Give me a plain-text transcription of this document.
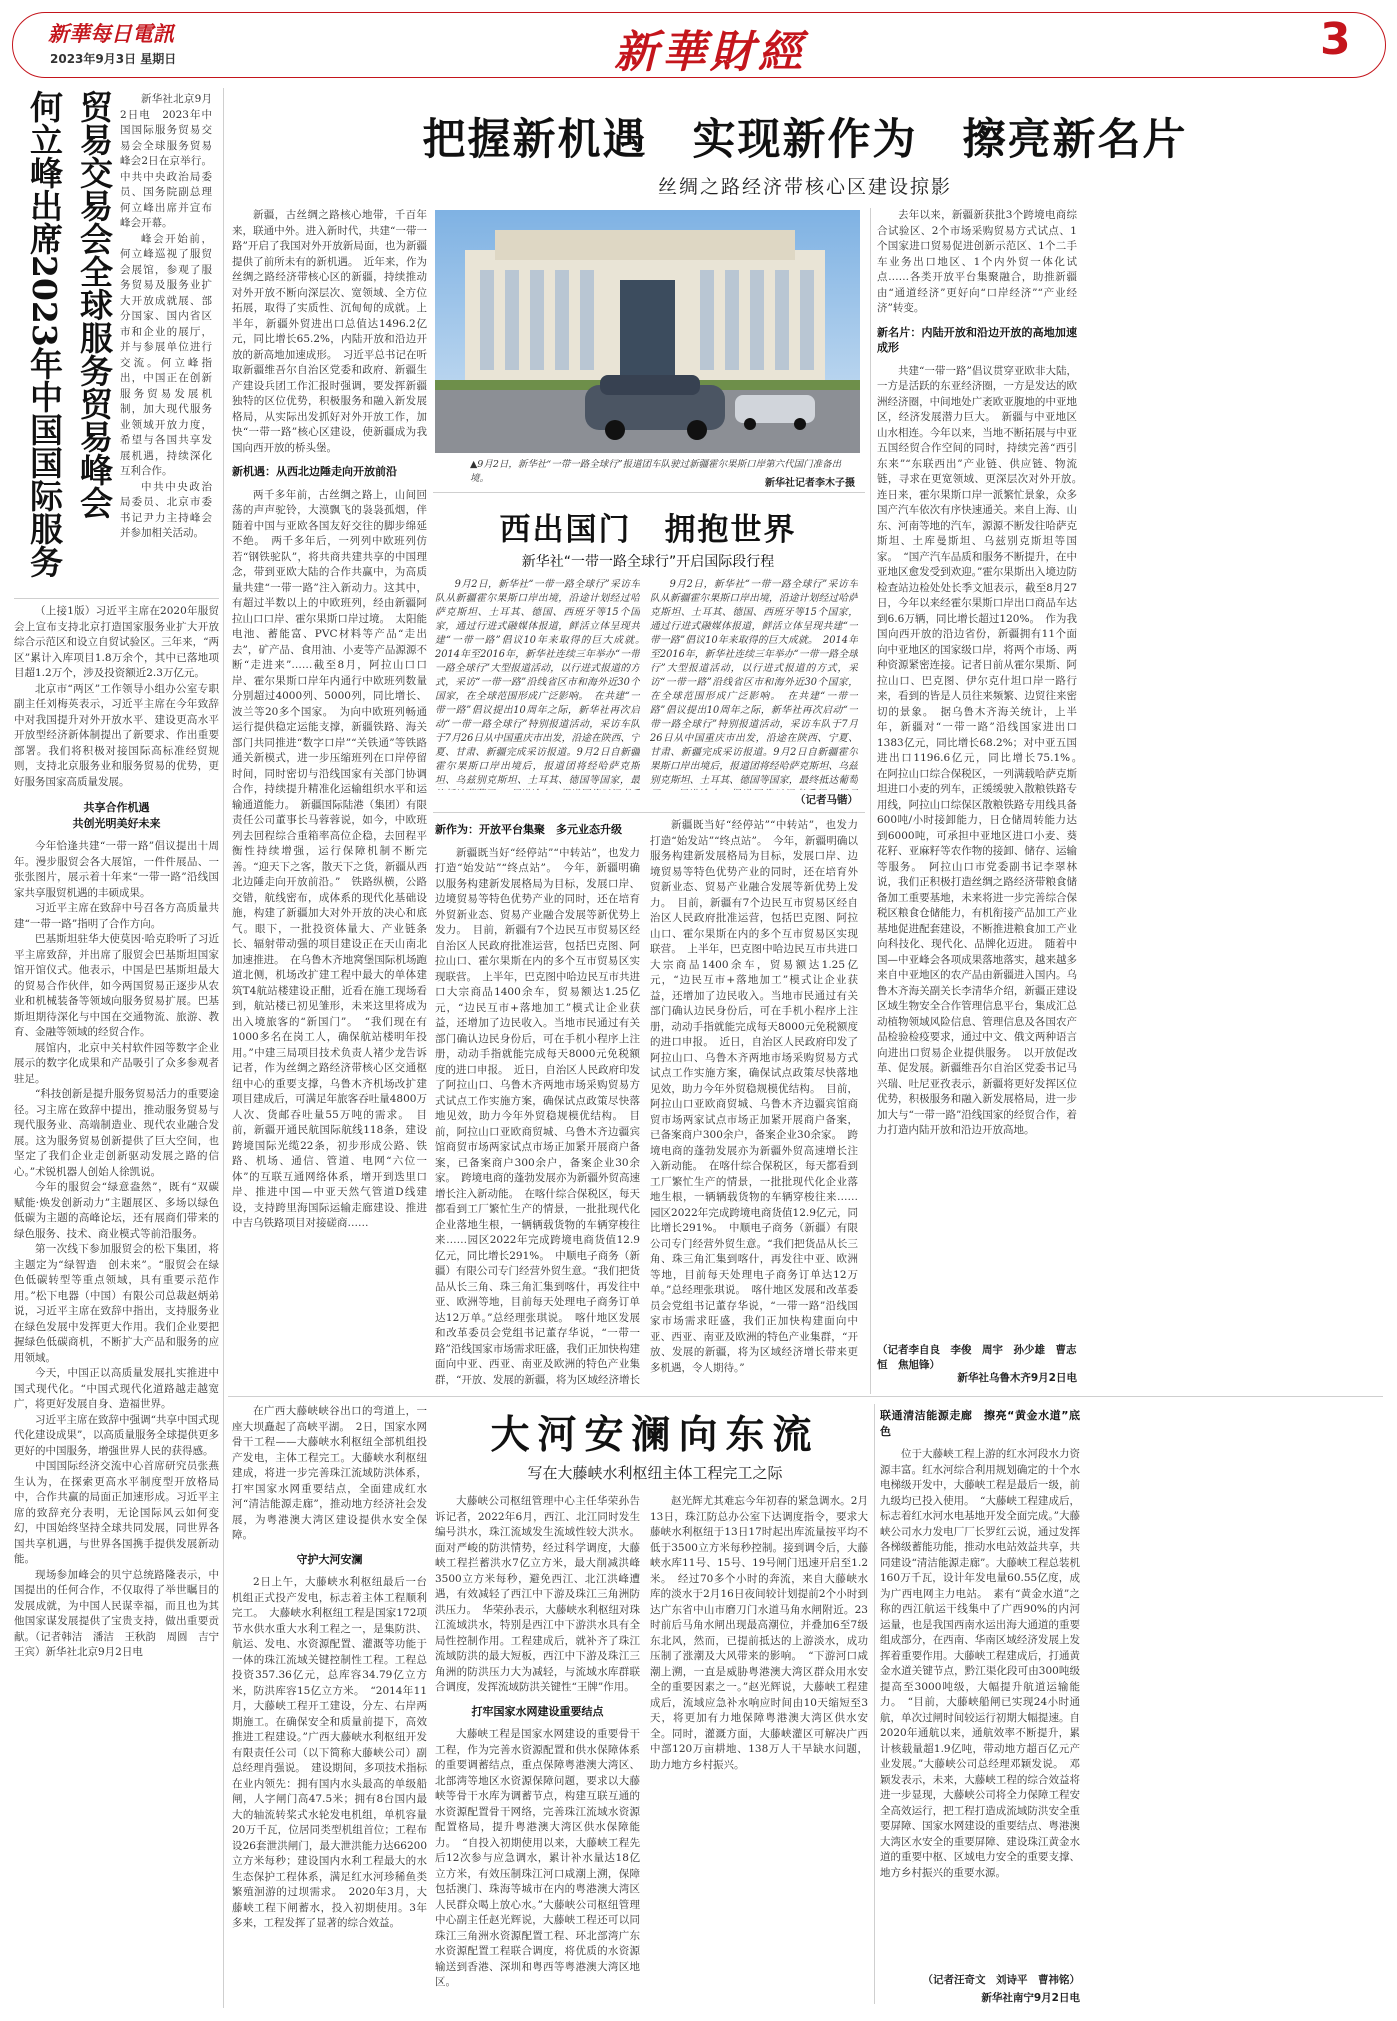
新華每日電訊
2023年9月3日 星期日	新華財經	3
何立峰出席2023年中国国际服务 贸易交易会全球服务贸易峰会	新华社北京9月2日电　2023年中国国际服务贸易交易会全球服务贸易峰会2日在京举行。中共中央政治局委员、国务院副总理何立峰出席并宣布峰会开幕。

峰会开始前，何立峰巡视了服贸会展馆，参观了服务贸易及服务业扩大开放成就展、部分国家、国内省区市和企业的展厅，并与参展单位进行交流。何立峰指出，中国正在创新服务贸易发展机制，加大现代服务业领域开放力度，希望与各国共享发展机遇，持续深化互利合作。

中共中央政治局委员、北京市委书记尹力主持峰会并参加相关活动。

（上接1版）习近平主席在2020年服贸会上宣布支持北京打造国家服务业扩大开放综合示范区和设立自贸试验区。三年来，“两区”累计入库项目1.8万余个，其中已落地项目超1.2万个，涉及投资额近2.3万亿元。

北京市“两区”工作领导小组办公室专职副主任刘梅英表示，习近平主席在今年致辞中对我国提升对外开放水平、建设更高水平开放型经济新体制提出了新要求、作出重要部署。我们将积极对接国际高标准经贸规则，支持北京服务业和服务贸易的优势，更好服务国家高质量发展。

共享合作机遇
共创光明美好未来

今年恰逢共建“一带一路”倡议提出十周年。漫步服贸会各大展馆，一件件展品、一张张图片，展示着十年来“一带一路”沿线国家共享服贸机遇的丰硕成果。

习近平主席在致辞中号召各方高质量共建“一带一路”指明了合作方向。

巴基斯坦驻华大使莫因·哈克聆听了习近平主席致辞，并出席了服贸会巴基斯坦国家馆开馆仪式。他表示，中国是巴基斯坦最大的贸易合作伙伴，如今两国贸易正逐步从农业和机械装备等领域向服务贸易扩展。巴基斯坦期待深化与中国在交通物流、旅游、教育、金融等领域的经贸合作。

展馆内，北京中关村软件园等数字企业展示的数字化成果和产品吸引了众多参观者驻足。

“科技创新是提升服务贸易活力的重要途径。习主席在致辞中提出，推动服务贸易与现代服务业、高端制造业、现代农业融合发展。这为服务贸易创新提供了巨大空间，也坚定了我们企业走创新驱动发展之路的信心。”术锐机器人创始人徐凯说。

今年的服贸会“绿意盎然”，既有“双碳赋能·焕发创新动力”主题展区、多场以绿色低碳为主题的高峰论坛，还有展商们带来的绿色服务、技术、商业模式等前沿服务。

第一次线下参加服贸会的松下集团，将主题定为“绿智造　创未来”。“服贸会在绿色低碳转型等重点领域，具有重要示范作用。”松下电器（中国）有限公司总裁赵炳弟说，习近平主席在致辞中指出，支持服务业在绿色发展中发挥更大作用。我们企业要把握绿色低碳商机，不断扩大产品和服务的应用领域。

今天，中国正以高质量发展扎实推进中国式现代化。“中国式现代化道路越走越宽广，将更好发展自身、造福世界。

习近平主席在致辞中强调“共享中国式现代化建设成果”，以高质量服务全球提供更多更好的中国服务，增强世界人民的获得感。

中国国际经济交流中心首席研究员张燕生认为，在探索更高水平制度型开放格局中，合作共赢的局面正加速形成。习近平主席的致辞充分表明，无论国际风云如何变幻，中国始终坚持全球共同发展，同世界各国共享机遇，与世界各国携手提供发展新动能。

现场参加峰会的贝宁总统路隆表示，中国提出的任何合作，不仅取得了举世瞩目的发展成就，为中国人民谋幸福，而且也为其他国家谋发展提供了宝贵支持，做出重要贡献。（记者韩洁　潘洁　王秋韵　周圆　吉宁　王宾）新华社北京9月2日电

把握新机遇　实现新作为　擦亮新名片
丝绸之路经济带核心区建设掠影

新疆，古丝绸之路核心地带，千百年来，联通中外。进入新时代，共建“一带一路”开启了我国对外开放新局面，也为新疆提供了前所未有的新机遇。　近年来，作为丝绸之路经济带核心区的新疆，持续推动对外开放不断向深层次、宽领域、全方位拓展，取得了实质性、沉甸甸的成就。上半年，新疆外贸进出口总值达1496.2亿元，同比增长65.2%，内陆开放和沿边开放的新高地加速成形。　习近平总书记在听取新疆维吾尔自治区党委和政府、新疆生产建设兵团工作汇报时强调，要发挥新疆独特的区位优势，积极服务和融入新发展格局，从实际出发抓好对外开放工作，加快“一带一路”核心区建设，使新疆成为我国向西开放的桥头堡。

新机遇：从西北边陲走向开放前沿

两千多年前，古丝绸之路上，山间回荡的声声驼铃，大漠飘飞的袅袅孤烟，伴随着中国与亚欧各国友好交往的脚步绵延不绝。　两千多年后，一列列中欧班列仿若“钢铁驼队”，将共商共建共享的中国理念，带到亚欧大陆的合作共赢中，为高质量共建“一带一路”注入新动力。这其中，有超过半数以上的中欧班列，经由新疆阿拉山口口岸、霍尔果斯口岸过境。　太阳能电池、蓄能富、PVC材料等产品“走出去”，矿产品、食用油、小麦等产品源源不断“走进来”……截至8月，阿拉山口口岸、霍尔果斯口岸年内通行中欧班列数量分别超过4000列、5000列，同比增长、波兰等20多个国家。　为向中欧班列畅通运行提供稳定运能支撑，新疆铁路、海关部门共同推进“数字口岸”“关铁通”等铁路通关新模式，进一步压缩班列在口岸停留时间，同时密切与沿线国家有关部门协调合作，持续提升精准化运输组织水平和运输通道能力。　新疆国际陆港（集团）有限责任公司董事长马蓉蓉说，如今，中欧班列去回程综合重箱率高位企稳，去回程平衡性持续增强，运行保障机制不断完善。“迎天下之客，散天下之货，新疆从西北边陲走向开放前沿。”　铁路纵横，公路交错，航线密布，成体系的现代化基础设施，构建了新疆加大对外开放的决心和底气。眼下，一批投资体量大、产业链条长、辐射带动强的项目建设正在天山南北加速推进。　在乌鲁木齐地窝堡国际机场跑道北侧，机场改扩建工程中最大的单体建筑T4航站楼建设正酣，近看在施工现场看到，航站楼已初见雏形，未来这里将成为出入境旅客的“新国门”。　“我们现在有1000多名在岗工人，确保航站楼明年投用。”中建三局项目技术负责人褚少龙告诉记者，作为丝绸之路经济带核心区交通枢纽中心的重要支撑，乌鲁木齐机场改扩建项目建成后，可满足年旅客吞吐量4800万人次、货邮吞吐量55万吨的需求。　目前，新疆开通民航国际航线118条，建设跨境国际光缆22条，初步形成公路、铁路、机场、通信、管道、电网“六位一体”的互联互通网络体系，增开到迭里口岸、推进中国—中亚天然气管道D线建设，支持跨里海国际运输走廊建设、推进中吉乌铁路项目对接磋商……

▲9月2日，新华社“一带一路全球行”报道团车队驶过新疆霍尔果斯口岸第六代国门准备出境。	新华社记者李木子摄

去年以来，新疆新获批3个跨境电商综合试验区、2个市场采购贸易方式试点、1个国家进口贸易促进创新示范区、1个二手车业务出口地区、1个内外贸一体化试点……各类开放平台集聚融合，助推新疆由“通道经济”更好向“口岸经济”“产业经济”转变。

新名片：内陆开放和沿边开放的高地加速成形

共建“一带一路”倡议贯穿亚欧非大陆，一方是活跃的东亚经济圈，一方是发达的欧洲经济圈，中间地处广袤欧亚腹地的中亚地区，经济发展潜力巨大。　新疆与中亚地区山水相连。今年以来，当地不断拓展与中亚五国经贸合作空间的同时，持续完善“西引东来”“东联西出”产业链、供应链、物流链，寻求在更宽领域、更深层次对外开放。　连日来，霍尔果斯口岸一派繁忙景象，众多国产汽车依次有序快速通关。来自上海、山东、河南等地的汽车，源源不断发往哈萨克斯坦、土库曼斯坦、乌兹别克斯坦等国家。　“国产汽车品质和服务不断提升，在中亚地区愈发受到欢迎。”霍尔果斯出入境边防检查站边检处处长季文旭表示，截至8月27日，今年以来经霍尔果斯口岸出口商品车达到6.6万辆，同比增长超过120%。　作为我国向西开放的沿边省份，新疆拥有11个面向中亚地区的国家级口岸，将两个市场、两种资源紧密连接。记者日前从霍尔果斯、阿拉山口、巴克图、伊尔克什坦口岸一路行来，看到的皆是人员往来频繁、边贸往来密切的景象。　据乌鲁木齐海关统计，上半年，新疆对“一带一路”沿线国家进出口1383亿元，同比增长68.2%；对中亚五国进出口1196.6亿元，同比增长75.1%。　在阿拉山口综合保税区，一列满载哈萨克斯坦进口小麦的列车，正缓缓驶入散粮铁路专用线，阿拉山口综保区散粮铁路专用线具备600吨/小时接卸能力，日仓储周转能力达到6000吨，可承担中亚地区进口小麦、葵花籽、亚麻籽等农作物的接卸、储存、运输等服务。　阿拉山口市党委副书记李翠林说，我们正积极打造丝绸之路经济带粮食储备加工重要基地，未来将进一步完善综合保税区粮食仓储能力，有机衔接产品加工产业基地促进配套建设，不断推进粮食加工产业向科技化、现代化、品牌化迈进。　随着中国—中亚峰会各项成果落地落实，越来越多来自中亚地区的农产品由新疆进入国内。乌鲁木齐海关副关长李清华介绍，新疆正建设区域生物安全合作管理信息平台，集成汇总动植物领域风险信息、管理信息及各国农产品检验检疫要求，通过中文、俄文两种语言向进出口贸易企业提供服务。　以开放促改革、促发展。新疆维吾尔自治区党委书记马兴瑞、吐尼亚孜表示，新疆将更好发挥区位优势，积极服务和融入新发展格局，进一步加大与“一带一路”沿线国家的经贸合作，着力打造内陆开放和沿边开放高地。

（记者李自良　李俊　周宇　孙少雄　曹志恒　焦旭锋）
新华社乌鲁木齐9月2日电
西出国门　拥抱世界
新华社“一带一路全球行”开启国际段行程

9月2日，新华社“一带一路全球行”采访车队从新疆霍尔果斯口岸出境，沿途计划经过哈萨克斯坦、土耳其、德国、西班牙等15个国家，通过行进式融媒体报道，鲜活立体呈现共建“一带一路”倡议10年来取得的巨大成就。　2014年至2016年，新华社连续三年举办“一带一路全球行”大型报道活动，以行进式报道的方式，采访“一带一路”沿线省区市和海外近30个国家，在全球范围形成广泛影响。　在共建“一带一路”倡议提出10周年之际，新华社再次启动“一带一路全球行”特别报道活动，采访车队于7月26日从中国重庆市出发，沿途在陕西、宁夏、甘肃、新疆完成采访报道。9月2日自新疆霍尔果斯口岸出境后，报道团将经哈萨克斯坦、乌兹别克斯坦、土耳其、德国等国家，最　　　

9月2日，新华社“一带一路全球行”采访车队从新疆霍尔果斯口岸出境，沿途计划经过哈萨克斯坦、土耳其、德国、西班牙等15个国家，通过行进式融媒体报道，鲜活立体呈现共建“一带一路”倡议10年来取得的巨大成就。　2014年至2016年，新华社连续三年举办“一带一路全球行”大型报道活动，以行进式报道的方式，采访“一带一路”沿线省区市和海外近30个国家，在全球范围形成广泛影响。　在共建“一带一路”倡议提出10周年之际，新华社再次启动“一带一路全球行”特别报道活动，采访车队于7月26日从中国重庆市出发，沿途在陕西、宁夏、甘肃、新疆完成采访报道。9月2日自新疆霍尔果斯口岸出境后，报道团将经哈萨克斯坦、乌兹别克斯坦、土耳其、德国等国家，最终抵达葡萄　　　

（记者马锴）
新作为：开放平台集聚　多元业态升级

新疆既当好“经停站”“中转站”，也发力打造“始发站”“终点站”。　今年，新疆明确以服务构建新发展格局为目标，发展口岸、边境贸易等特色优势产业的同时，还在培育外贸新业态、贸易产业融合发展等新优势上发力。　目前，新疆有7个边民互市贸易区经自治区人民政府批准运营，包括巴克图、阿拉山口、霍尔果斯在内的多个互市贸易区实现联营。　上半年，巴克图中哈边民互市共进口大宗商品1400余车，贸易额达1.25亿元，“边民互市+落地加工”模式让企业获益，还增加了边民收入。当地市民通过有关部门确认边民身份后，可在手机小程序上注册，动动手指就能完成每天8000元免税额度的进口申报。　近日，自治区人民政府印发了阿拉山口、乌鲁木齐两地市场采购贸易方式试点工作实施方案，确保试点政策尽快落地见效，助力今年外贸稳规模优结构。　目前，阿拉山口亚欧商贸城、乌鲁木齐边疆宾馆商贸市场两家试点市场正加紧开展商户备案，已备案商户300余户，备案企业30余家。　跨境电商的蓬勃发展亦为新疆外贸高速增长注入新动能。　在喀什综合保税区，每天都看到工厂繁忙生产的情景，一批批现代化企业落地生根，一辆辆载货物的车辆穿梭往来……园区2022年完成跨境电商货值12.9亿元，同比增长291%。　中顺电子商务（新疆）有限公司专门经营外贸生意。“我们把货品从长三角、珠三角汇集到喀什，再发往中亚、欧洲等地，目前每天处理电子商务订单达12万单。”总经理张琪说。　喀什地区发展和改革委员会党组书记董存华说，“一带一路”沿线国家市场需求旺盛，我们正加快构建面向中亚、西亚、南亚及欧洲的特色产业集群，“开放、发展的新疆，将为区域经济增长

新疆既当好“经停站”“中转站”，也发力打造“始发站”“终点站”。　今年，新疆明确以服务构建新发展格局为目标，发展口岸、边境贸易等特色优势产业的同时，还在培育外贸新业态、贸易产业融合发展等新优势上发力。　目前，新疆有7个边民互市贸易区经自治区人民政府批准运营，包括巴克图、阿拉山口、霍尔果斯在内的多个互市贸易区实现联营。　上半年，巴克图中哈边民互市共进口大宗商品1400余车，贸易额达1.25亿元，“边民互市+落地加工”模式让企业获益，还增加了边民收入。当地市民通过有关部门确认边民身份后，可在手机小程序上注册，动动手指就能完成每天8000元免税额度的进口申报。　近日，自治区人民政府印发了阿拉山口、乌鲁木齐两地市场采购贸易方式试点工作实施方案，确保试点政策尽快落地见效，助力今年外贸稳规模优结构。　目前，阿拉山口亚欧商贸城、乌鲁木齐边疆宾馆商贸市场两家试点市场正加紧开展商户备案，已备案商户300余户，备案企业30余家。　跨境电商的蓬勃发展亦为新疆外贸高速增长注入新动能。　在喀什综合保税区，每天都看到工厂繁忙生产的情景，一批批现代化企业落地生根，一辆辆载货物的车辆穿梭往来……园区2022年完成跨境电商货值12.9亿元，同比增长291%。　中顺电子商务（新疆）有限公司专门经营外贸生意。“我们把货品从长三角、珠三角汇集到喀什，再发往中亚、欧洲等地，目前每天处理电子商务订单达12万单。”总经理张琪说。　喀什地区发展和改革委员会党组书记董存华说，“一带一路”沿线国家市场需求旺盛，我们正加快构建面向中亚、西亚、南亚及欧洲的特色产业集群，“开放、发展的新疆，将为区域经济增长带来更多机遇，令人期待。”

在广西大藤峡峡谷出口的弯道上，一座大坝矗起了高峡平湖。　2日，国家水网骨干工程——大藤峡水利枢纽全部机组投产发电，主体工程完工。大藤峡水利枢纽建成，将进一步完善珠江流域防洪体系，打牢国家水网重要结点，全面建成红水河“清洁能源走廊”，推动地方经济社会发展，为粤港澳大湾区建设提供水安全保障。

守护大河安澜

2日上午，大藤峡水利枢纽最后一台机组正式投产发电，标志着主体工程顺利完工。　大藤峡水利枢纽工程是国家172项节水供水重大水利工程之一，是集防洪、航运、发电、水资源配置、灌溉等功能于一体的珠江流域关键控制性工程。工程总投资357.36亿元，总库容34.79亿立方米，防洪库容15亿立方米。　“2014年11月，大藤峡工程开工建设，分左、右岸两期施工。在确保安全和质量前提下，高效推进工程建设。”广西大藤峡水利枢纽开发有限责任公司（以下简称大藤峡公司）副总经理肖强说。　建设期间，多项技术指标在业内领先：拥有国内水头最高的单级船闸，人字闸门高47.5米；拥有8台国内最大的轴流转桨式水轮发电机组，单机容量20万千瓦，位居同类型机组首位；工程布设26套泄洪闸门，最大泄洪能力达66200立方米每秒；建设国内水利工程最大的水生态保护工程体系，满足红水河珍稀鱼类繁殖洄游的过坝需求。　2020年3月，大藤峡工程下闸蓄水，投入初期使用。3年多来，工程发挥了显著的综合效益。

大河安澜向东流
写在大藤峡水利枢纽主体工程完工之际

大藤峡公司枢纽管理中心主任华荣孙告诉记者，2022年6月，西江、北江同时发生编号洪水，珠江流域发生流域性较大洪水。面对严峻的防洪情势，经过科学调度，大藤峡工程拦蓄洪水7亿立方米，最大削减洪峰3500立方米每秒，避免西江、北江洪峰遭遇，有效减轻了西江中下游及珠江三角洲防洪压力。　华荣孙表示，大藤峡水利枢纽对珠江流域洪水，特别是西江中下游洪水具有全局性控制作用。工程建成后，就补齐了珠江流域防洪的最大短板，西江中下游及珠江三角洲的防洪压力大为减轻，与流域水库群联合调度，发挥流域防洪关键性“王牌”作用。

打牢国家水网建设重要结点

大藤峡工程是国家水网建设的重要骨干工程，作为完善水资源配置和供水保障体系的重要调蓄结点，重点保障粤港澳大湾区、北部湾等地区水资源保障问题，要求以大藤峡等骨干水库为调蓄节点，构建互联互通的水资源配置骨干网络，完善珠江流域水资源配置格局，提升粤港澳大湾区供水保障能力。　“自投入初期使用以来，大藤峡工程先后12次参与应急调水，累计补水量达18亿立方米，有效压制珠江河口咸潮上溯，保障包括澳门、珠海等城市在内的粤港澳大湾区人民群众喝上放心水。”大藤峡公司枢纽管理中心副主任赵光辉说，大藤峡工程还可以同珠江三角洲水资源配置工程、环北部湾广东水资源配置工程联合调度，将优质的水资源输送到香港、深圳和粤西等粤港澳大湾区地区。

赵光辉尤其难忘今年初春的紧急调水。2月13日，珠江防总办公室下达调度指令，要求大藤峡水利枢纽于13日17时起出库流量按平均不低于3500立方米每秒控制。接到调令后，大藤峡水库11号、15号、19号闸门迅速开启至1.2米。　经过70多个小时的奔流，来自大藤峡水库的淡水于2月16日夜间较计划提前2个小时到达广东省中山市磨刀门水道马角水闸附近。23时前后马角水闸出现最高潮位，并叠加6至7级东北风，然而，已提前抵达的上游淡水，成功压制了涨潮及大风带来的影响。　“下游河口咸潮上溯，一直是威胁粤港澳大湾区群众用水安全的重要因素之一。”赵光辉说，大藤峡工程建成后，流域应急补水响应时间由10天缩短至3天，将更加有力地保障粤港澳大湾区供水安全。同时，灌溉方面，大藤峡灌区可解决广西中部120万亩耕地、138万人干旱缺水问题，助力地方乡村振兴。

联通清洁能源走廊　擦亮“黄金水道”底色

位于大藤峡工程上游的红水河段水力资源丰富。红水河综合利用规划确定的十个水电梯级开发中，大藤峡工程是最后一级，前九级均已投入使用。　“大藤峡工程建成后，标志着红水河水电基地开发全面完成。”大藤峡公司水力发电厂厂长罗红云说，通过发挥各梯级蓄能功能，推动水电站效益共享，共同建设“清洁能源走廊”。大藤峡工程总装机160万千瓦，设计年发电量60.55亿度，成为广西电网主力电站。　素有“黄金水道”之称的西江航运干线集中了广西90%的内河运量，也是我国西南水运出海大通道的重要组成部分，在西南、华南区域经济发展上发挥着重要作用。大藤峡工程建成后，打通黄金水道关键节点，黔江渠化段可由300吨级提高至3000吨级，大幅提升航道运输能力。　“目前，大藤峡船闸已实现24小时通航，单次过闸时间较运行初期大幅提速。自2020年通航以来，通航效率不断提升，累计核载量超1.9亿吨，带动地方超百亿元产业发展。”大藤峡公司总经理邓颖发说。　邓颖发表示，未来，大藤峡工程的综合效益将进一步显现，大藤峡公司将全力保障工程安全高效运行，把工程打造成流域防洪安全重要屏障、国家水网建设的重要结点、粤港澳大湾区水安全的重要屏障、建设珠江黄金水道的重要中枢、区域电力安全的重要支撑、地方乡村振兴的重要水源。

（记者汪奇文　刘诗平　曹祎铭）
新华社南宁9月2日电
